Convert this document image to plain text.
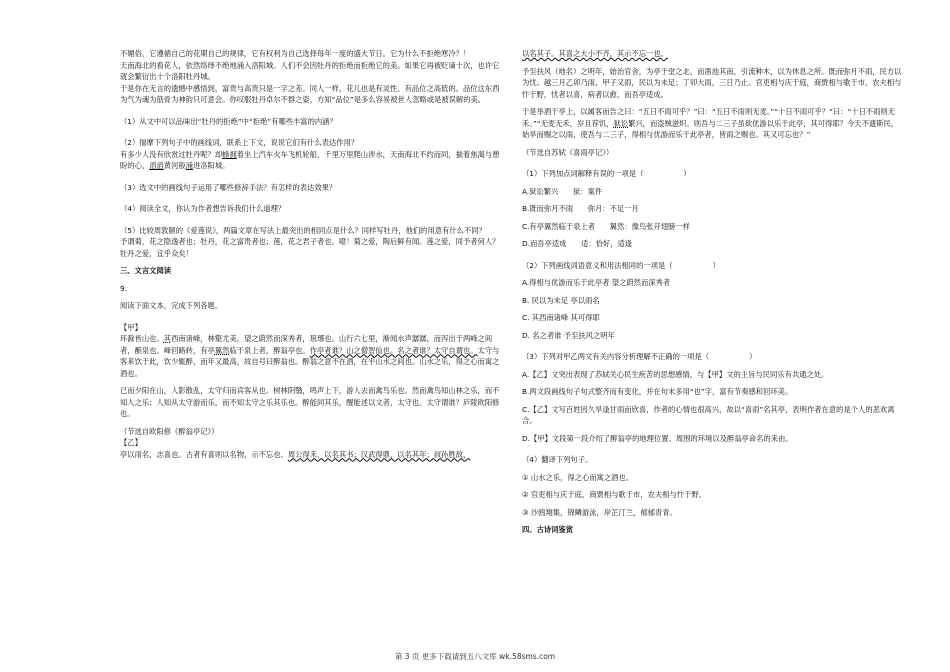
不媚俗，它遵循自己的花期自己的规律，它有权利为自己选择每年一度的盛大节日。它为什么不拒绝寒冷？！

天南海北的看花人，依然络绎不绝地涌入洛阳城。人们不会因牡丹的拒绝而拒绝它的美。如果它再被贬谪十次，也许它就会繁衍出十个洛阳牡丹城。

于是你在无言的遗憾中感悟到，富贵与高贵只是一字之差。同人一样，花儿也是有灵性、有品位之高低的。品位这东西为气为魂为筋骨为神韵只可意会。你叹服牡丹卓尔不群之姿，方知“品位”是多么容易被世人忽略或是被误解的美。

（1）从文中可以品味出“牡丹的拒绝”中“拒绝”有哪些丰富的内涵？

（2）揣摩下列句子中的画线词，联系上下文，说说它们有什么表达作用？

有多少人没有欣赏过牡丹呢？却蜂拥着坐上汽车火车飞机轮船，千里万里爬山涉水，天南海北不约而同，揣着焦渴与憩盼的心，滔滔黄河般涌进洛阳城。

（3）选文中的画线句子运用了哪些修辞手法？有怎样的表达效果？

（4）阅读全文，你认为作者想告诉我们什么道理？

（5）比较周敦颐的《爱莲说》，两篇文章在写法上最突出的相同点是什么？同样写牡丹，他们的用意有什么不同？

予谓菊，花之隐逸者也；牡丹，花之富贵者也；莲，花之君子者也。噫！菊之爱，陶后鲜有闻。莲之爱，同予者何人？牡丹之爱，宜乎众矣！

三、文言文阅读

9.

阅读下面文本，完成下列各题。

【甲】

环滁皆山也。其西南诸峰，林壑尤美，望之蔚然而深秀者，琅琊也。山行六七里，渐闻水声潺潺，而泻出于两峰之间者，酿泉也。峰回路转，有亭翼然临于泉上者，醉翁亭也。作亭者谁？山之僧智仙也。名之者谁？太守自谓也。太守与客来饮于此，饮少辄醉，而年又最高，故自号曰醉翁也。醉翁之意不在酒，在乎山水之间也。山水之乐，得之心而寓之酒也。

已而夕阳在山，人影散乱，太守归而宾客从也。树林阴翳，鸣声上下，游人去而禽鸟乐也。然而禽鸟知山林之乐，而不知人之乐；人知从太守游而乐，而不知太守之乐其乐也。醉能同其乐，醒能述以文者，太守也。太守谓谁？庐陵欧阳修也。

（节选自欧阳修《醉翁亭记》）

【乙】

亭以雨名，志喜也。古者有喜则以名物，示不忘也。周公得禾，以名其书；汉武得鼎，以名其年；叔孙胜敌，

以名其子。其喜之大小不齐，其示不忘一也。

予至扶风（地名）之明年，始治官舍，为亭于堂之北，而凿池其南，引流种木，以为休息之所。既而弥月不雨，民方以为忧。越三月乙卯乃雨，甲子又雨，民以为未足；丁卯大雨，三日乃止。官吏相与庆于庭，商贾相与歌于市，农夫相与忭于野，忧者以喜，病者以愈，而吾亭适成。

于是举酒于亭上，以属客而告之曰：“五日不雨可乎？”曰：“五日不雨则无麦。”“十日不雨可乎？”曰：“十日不雨则无禾。”“无麦无禾，岁且荐饥，狱讼繁兴，而盗贼滋炽。则吾与二三子虽欲优游以乐于此亭，其可得耶？今天不遗斯民，始旱而赐之以雨，使吾与二三子，得相与优游而乐于此亭者，皆雨之赐也。其又可忘也？”

（节选自苏轼《喜雨亭记》）

（1）下列加点词解释有误的一项是（	）

A.狱讼繁兴　　狱：案件

B.既而弥月不雨　　弥月：不足一月

C.有亭翼然临于泉上者　　翼然：像鸟张开翅膀一样

D.而吾亭适成　　适：恰好，适逢

（2）下列画线词语意义和用法相同的一项是（	）

A.得相与优游而乐于此亭者 望之蔚然而深秀者

B. 民以为未足 亭以雨名

C. 其西南诸峰 其可得耶

D. 名之者谁 予至扶风之明年

（3）下列对甲乙两文有关内容分析理解不正确的一项是（	）

A.【乙】文突出表现了苏轼关心民生疾苦的思想感情，与【甲】文的主旨与民同乐有共通之处。

B.两文段画线句子句式整齐而有变化，并在句末多用“也”字，富有节奏感和回环美。

C.【乙】文写百姓因久旱逢甘雨而欣喜，作者的心情也很高兴，故以“喜雨”名其亭，表明作者在意的是个人的悲欢离合。

D.【甲】文段第一段介绍了醉翁亭的地理位置、周围的环境以及醉翁亭命名的来由。

（4）翻译下列句子。

① 山水之乐，得之心而寓之酒也。

② 官吏相与庆于庭，商贾相与歌于市，农夫相与忭于野。

③ 沙鸥翔集，锦鳞游泳，岸芷汀兰，郁郁青青。

四、古诗词鉴赏

第 3 页 更多下载请到五八文库 wk.58sms.com
